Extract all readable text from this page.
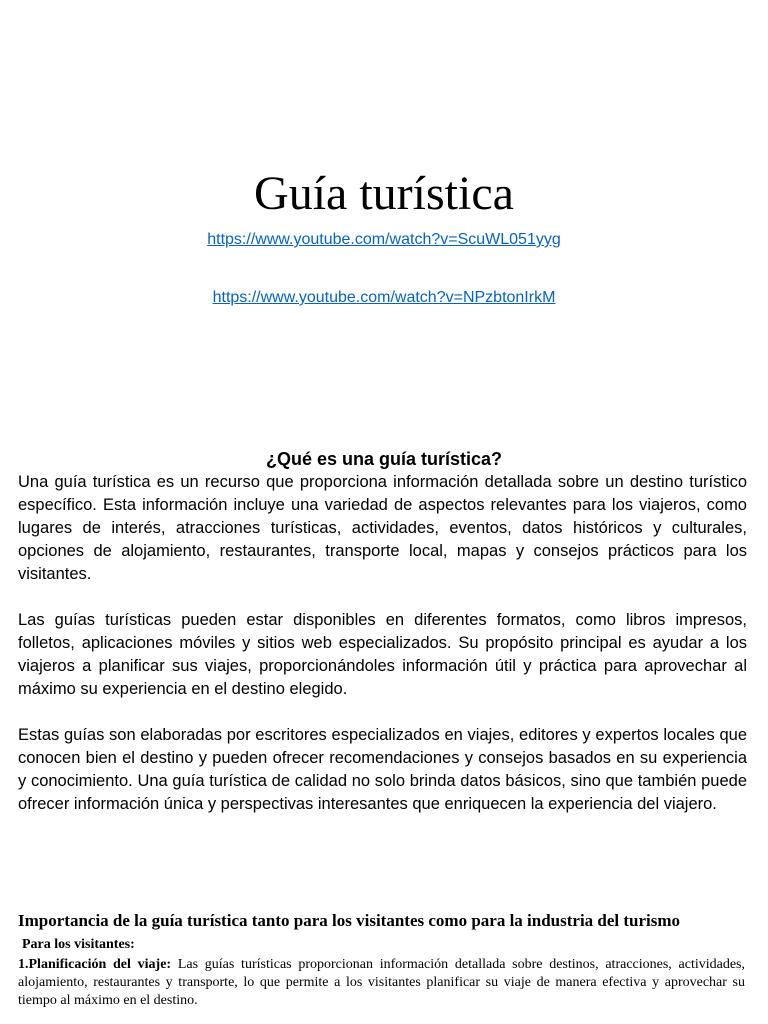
Guía turística
https://www.youtube.com/watch?v=ScuWL051yyg
https://www.youtube.com/watch?v=NPzbtonIrkM
¿Qué es una guía turística?

Una guía turística es un recurso que proporciona información detallada sobre un destino turístico específico. Esta información incluye una variedad de aspectos relevantes para los viajeros, como lugares de interés, atracciones turísticas, actividades, eventos, datos históricos y culturales, opciones de alojamiento, restaurantes, transporte local, mapas y consejos prácticos para los visitantes.

Las guías turísticas pueden estar disponibles en diferentes formatos, como libros impresos, folletos, aplicaciones móviles y sitios web especializados. Su propósito principal es ayudar a los viajeros a planificar sus viajes, proporcionándoles información útil y práctica para aprovechar al máximo su experiencia en el destino elegido.

Estas guías son elaboradas por escritores especializados en viajes, editores y expertos locales que conocen bien el destino y pueden ofrecer recomendaciones y consejos basados en su experiencia y conocimiento. Una guía turística de calidad no solo brinda datos básicos, sino que también puede ofrecer información única y perspectivas interesantes que enriquecen la experiencia del viajero.

Importancia de la guía turística tanto para los visitantes como para la industria del turismo

Para los visitantes:

1.Planificación del viaje: Las guías turísticas proporcionan información detallada sobre destinos, atracciones, actividades, alojamiento, restaurantes y transporte, lo que permite a los visitantes planificar su viaje de manera efectiva y aprovechar su tiempo al máximo en el destino.
